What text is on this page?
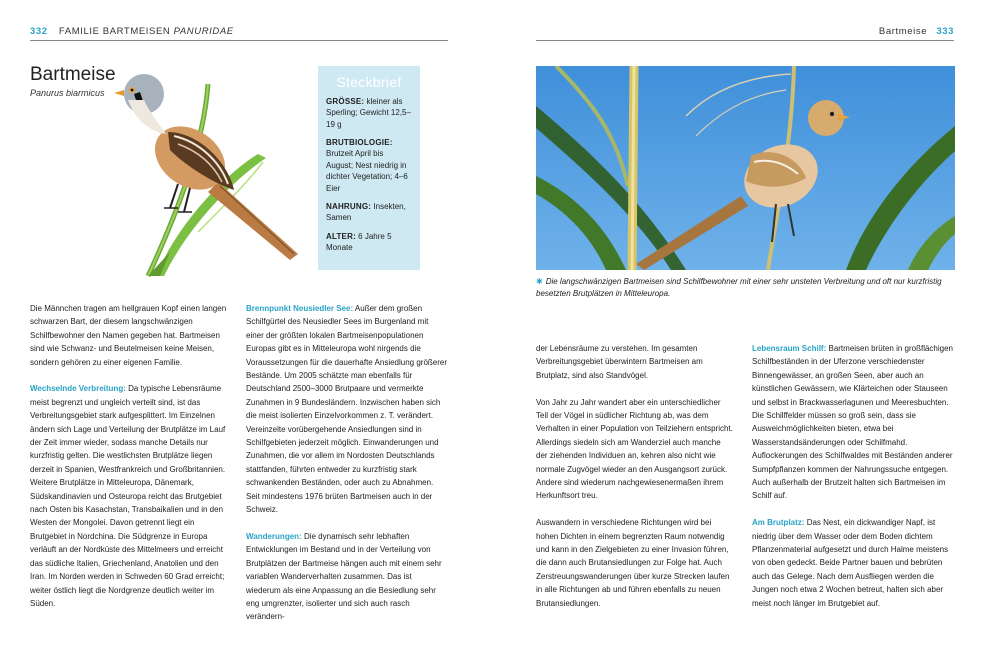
332 FAMILIE BARTMEISEN PANURIDAE
Bartmeise
Panurus biarmicus
Steckbrief

GRÖSSE: kleiner als Sperling; Gewicht 12,5–19 g

BRUTBIOLOGIE: Brutzeit April bis August; Nest niedrig in dichter Vegetation; 4–6 Eier

NAHRUNG: Insekten, Samen

ALTER: 6 Jahre 5 Monate

Die Männchen tragen am hellgrauen Kopf einen langen schwarzen Bart, der diesem langschwänzigen Schilfbewohner den Namen gegeben hat. Bartmeisen sind wie Schwanz- und Beutelmeisen keine Meisen, sondern gehören zu einer eigenen Familie.

Wechselnde Verbreitung: Da typische Lebensräume meist begrenzt und ungleich verteilt sind, ist das Verbreitungsgebiet stark aufgesplittert. Im Einzelnen ändern sich Lage und Verteilung der Brutplätze im Lauf der Zeit immer wieder, sodass manche Details nur kurzfristig gelten. Die westlichsten Brutplätze liegen derzeit in Spanien, Westfrankreich und Großbritannien. Weitere Brutplätze in Mitteleuropa, Dänemark, Südskandinavien und Osteuropa reicht das Brutgebiet nach Osten bis Kasachstan, Transbaikalien und in den Westen der Mongolei. Davon getrennt liegt ein Brutgebiet in Nordchina. Die Südgrenze in Europa verläuft an der Nordküste des Mittelmeers und erreicht das südliche Italien, Griechenland, Anatolien und den Iran. Im Norden werden in Schweden 60 Grad erreicht; weiter östlich liegt die Nordgrenze deutlich weiter im Süden.

Brennpunkt Neusiedler See: Außer dem großen Schilfgürtel des Neusiedler Sees im Burgenland mit einer der größten lokalen Bartmeisenpopulationen Europas gibt es in Mitteleuropa wohl nirgends die Voraussetzungen für die dauerhafte Ansiedlung größerer Bestände. Um 2005 schätzte man ebenfalls für Deutschland 2500–3000 Brutpaare und vermerkte Zunahmen in 9 Bundesländern. Inzwischen haben sich die meist isolierten Einzelvorkommen z. T. verändert. Vereinzelte vorübergehende Ansiedlungen sind in Schilfgebieten jederzeit möglich. Einwanderungen und Zunahmen, die vor allem im Nordosten Deutschlands stattfanden, führten entweder zu kurzfristig stark schwankenden Beständen, oder auch zu Abnahmen. Seit mindestens 1976 brüten Bartmeisen auch in der Schweiz.

Wanderungen: Die dynamisch sehr lebhaften Entwicklungen im Bestand und in der Verteilung von Brutplätzen der Bartmeise hängen auch mit einem sehr variablen Wanderverhalten zusammen. Das ist wiederum als eine Anpassung an die Besiedlung sehr eng umgrenzter, isolierter und sich auch rasch verändern-

Bartmeise 333
✱ Die langschwänzigen Bartmeisen sind Schilfbewohner mit einer sehr unsteten Verbreitung und oft nur kurzfristig besetzten Brutplätzen in Mitteleuropa.

der Lebensräume zu verstehen. Im gesamten Verbreitungsgebiet überwintern Bartmeisen am Brutplatz, sind also Standvögel.

Von Jahr zu Jahr wandert aber ein unterschiedlicher Teil der Vögel in südlicher Richtung ab, was dem Verhalten in einer Population von Teilziehern entspricht. Allerdings siedeln sich am Wanderziel auch manche der ziehenden Individuen an, kehren also nicht wie normale Zugvögel wieder an den Ausgangsort zurück. Andere sind wiederum nachgewiesenermaßen ihrem Herkunftsort treu.

Auswandern in verschiedene Richtungen wird bei hohen Dichten in einem begrenzten Raum notwendig und kann in den Zielgebieten zu einer Invasion führen, die dann auch Brutansiedlungen zur Folge hat. Auch Zerstreuungswanderungen über kurze Strecken laufen in alle Richtungen ab und führen ebenfalls zu neuen Brutansiedlungen.

Lebensraum Schilf: Bartmeisen brüten in großflächigen Schilfbeständen in der Uferzone verschiedenster Binnengewässer, an großen Seen, aber auch an künstlichen Gewässern, wie Klärteichen oder Stauseen und selbst in Brackwasserlagunen und Meeresbuchten. Die Schilffelder müssen so groß sein, dass sie Ausweichmöglichkeiten bieten, etwa bei Wasserstandsänderungen oder Schilfmahd. Auflockerungen des Schilfwaldes mit Beständen anderer Sumpfpflanzen kommen der Nahrungssuche entgegen. Auch außerhalb der Brutzeit halten sich Bartmeisen im Schilf auf.

Am Brutplatz: Das Nest, ein dickwandiger Napf, ist niedrig über dem Wasser oder dem Boden dichtem Pflanzenmaterial aufgesetzt und durch Halme meistens von oben gedeckt. Beide Partner bauen und bebrüten auch das Gelege. Nach dem Ausfliegen werden die Jungen noch etwa 2 Wochen betreut, halten sich aber meist noch länger im Brutgebiet auf.
